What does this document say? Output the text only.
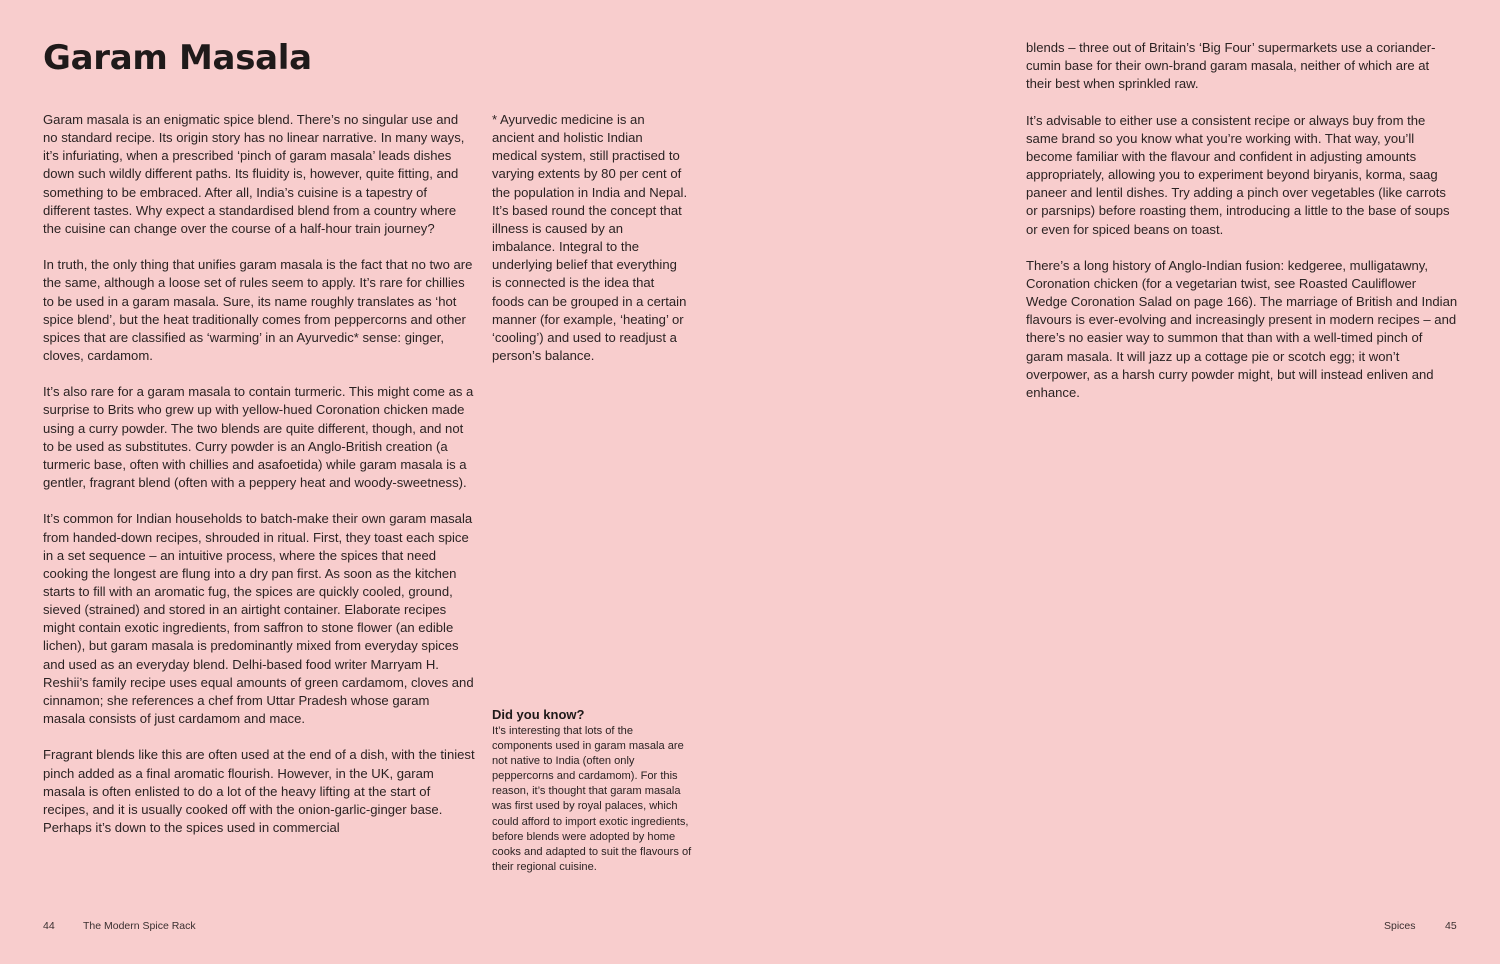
Garam Masala

Garam masala is an enigmatic spice blend. There’s no singular use and no standard recipe. Its origin story has no linear narrative. In many ways, it’s infuriating, when a prescribed ‘pinch of garam masala’ leads dishes down such wildly different paths. Its fluidity is, however, quite fitting, and something to be embraced. After all, India’s cuisine is a tapestry of different tastes. Why expect a standardised blend from a country where the cuisine can change over the course of a half-hour train journey?

In truth, the only thing that unifies garam masala is the fact that no two are the same, although a loose set of rules seem to apply. It’s rare for chillies to be used in a garam masala. Sure, its name roughly translates as ‘hot spice blend’, but the heat traditionally comes from peppercorns and other spices that are classified as ‘warming’ in an Ayurvedic* sense: ginger, cloves, cardamom.

It’s also rare for a garam masala to contain turmeric. This might come as a surprise to Brits who grew up with yellow-hued Coronation chicken made using a curry powder. The two blends are quite different, though, and not to be used as substitutes. Curry powder is an Anglo-British creation (a turmeric base, often with chillies and asafoetida) while garam masala is a gentler, fragrant blend (often with a peppery heat and woody-sweetness).

It’s common for Indian households to batch-make their own garam masala from handed-down recipes, shrouded in ritual. First, they toast each spice in a set sequence – an intuitive process, where the spices that need cooking the longest are flung into a dry pan first. As soon as the kitchen starts to fill with an aromatic fug, the spices are quickly cooled, ground, sieved (strained) and stored in an airtight container. Elaborate recipes might contain exotic ingredients, from saffron to stone flower (an edible lichen), but garam masala is predominantly mixed from everyday spices and used as an everyday blend. Delhi-based food writer Marryam H. Reshii’s family recipe uses equal amounts of green cardamom, cloves and cinnamon; she references a chef from Uttar Pradesh whose garam masala consists of just cardamom and mace.

Fragrant blends like this are often used at the end of a dish, with the tiniest pinch added as a final aromatic flourish. However, in the UK, garam masala is often enlisted to do a lot of the heavy lifting at the start of recipes, and it is usually cooked off with the onion-garlic-ginger base. Perhaps it’s down to the spices used in commercial

* Ayurvedic medicine is an ancient and holistic Indian medical system, still practised to varying extents by 80 per cent of the population in India and Nepal. It’s based round the concept that illness is caused by an imbalance. Integral to the underlying belief that everything is connected is the idea that foods can be grouped in a certain manner (for example, ‘heating’ or ‘cooling’) and used to readjust a person’s balance.

Did you know?
It’s interesting that lots of the components used in garam masala are not native to India (often only peppercorns and cardamom). For this reason, it’s thought that garam masala was first used by royal palaces, which could afford to import exotic ingredients, before blends were adopted by home cooks and adapted to suit the flavours of their regional cuisine.

blends – three out of Britain’s ‘Big Four’ supermarkets use a coriander-cumin base for their own-brand garam masala, neither of which are at their best when sprinkled raw.

It’s advisable to either use a consistent recipe or always buy from the same brand so you know what you’re working with. That way, you’ll become familiar with the flavour and confident in adjusting amounts appropriately, allowing you to experiment beyond biryanis, korma, saag paneer and lentil dishes. Try adding a pinch over vegetables (like carrots or parsnips) before roasting them, introducing a little to the base of soups or even for spiced beans on toast.

There’s a long history of Anglo-Indian fusion: kedgeree, mulligatawny, Coronation chicken (for a vegetarian twist, see Roasted Cauliflower Wedge Coronation Salad on page 166). The marriage of British and Indian flavours is ever-evolving and increasingly present in modern recipes – and there’s no easier way to summon that than with a well-timed pinch of garam masala. It will jazz up a cottage pie or scotch egg; it won’t overpower, as a harsh curry powder might, but will instead enliven and enhance.

44	The Modern Spice Rack	Spices	45
